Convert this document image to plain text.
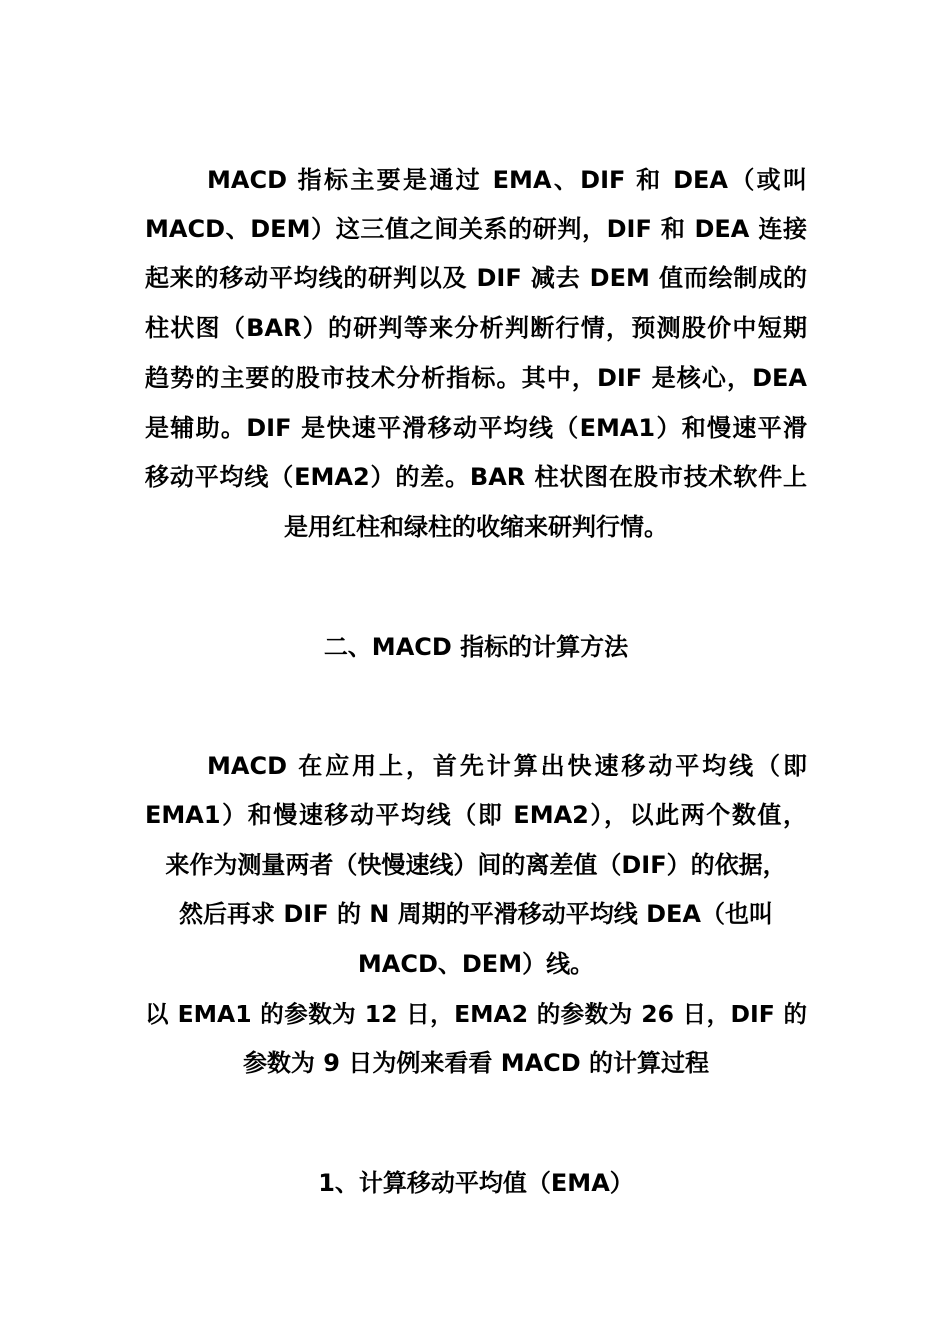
MACD 指标主要是通过 EMA、DIF 和 DEA（或叫
MACD、DEM）这三值之间关系的研判，DIF 和 DEA 连接
起来的移动平均线的研判以及 DIF 减去 DEM 值而绘制成的
柱状图（BAR）的研判等来分析判断行情，预测股价中短期
趋势的主要的股市技术分析指标。其中，DIF 是核心，DEA
是辅助。DIF 是快速平滑移动平均线（EMA1）和慢速平滑
移动平均线（EMA2）的差。BAR 柱状图在股市技术软件上
是用红柱和绿柱的收缩来研判行情。
二、MACD 指标的计算方法
MACD 在应用上，首先计算出快速移动平均线（即
EMA1）和慢速移动平均线（即 EMA2），以此两个数值，
来作为测量两者（快慢速线）间的离差值（DIF）的依据，
然后再求 DIF 的 N 周期的平滑移动平均线 DEA（也叫
MACD、DEM）线。
以 EMA1 的参数为 12 日，EMA2 的参数为 26 日，DIF 的
参数为 9 日为例来看看 MACD 的计算过程
1、计算移动平均值（EMA）
